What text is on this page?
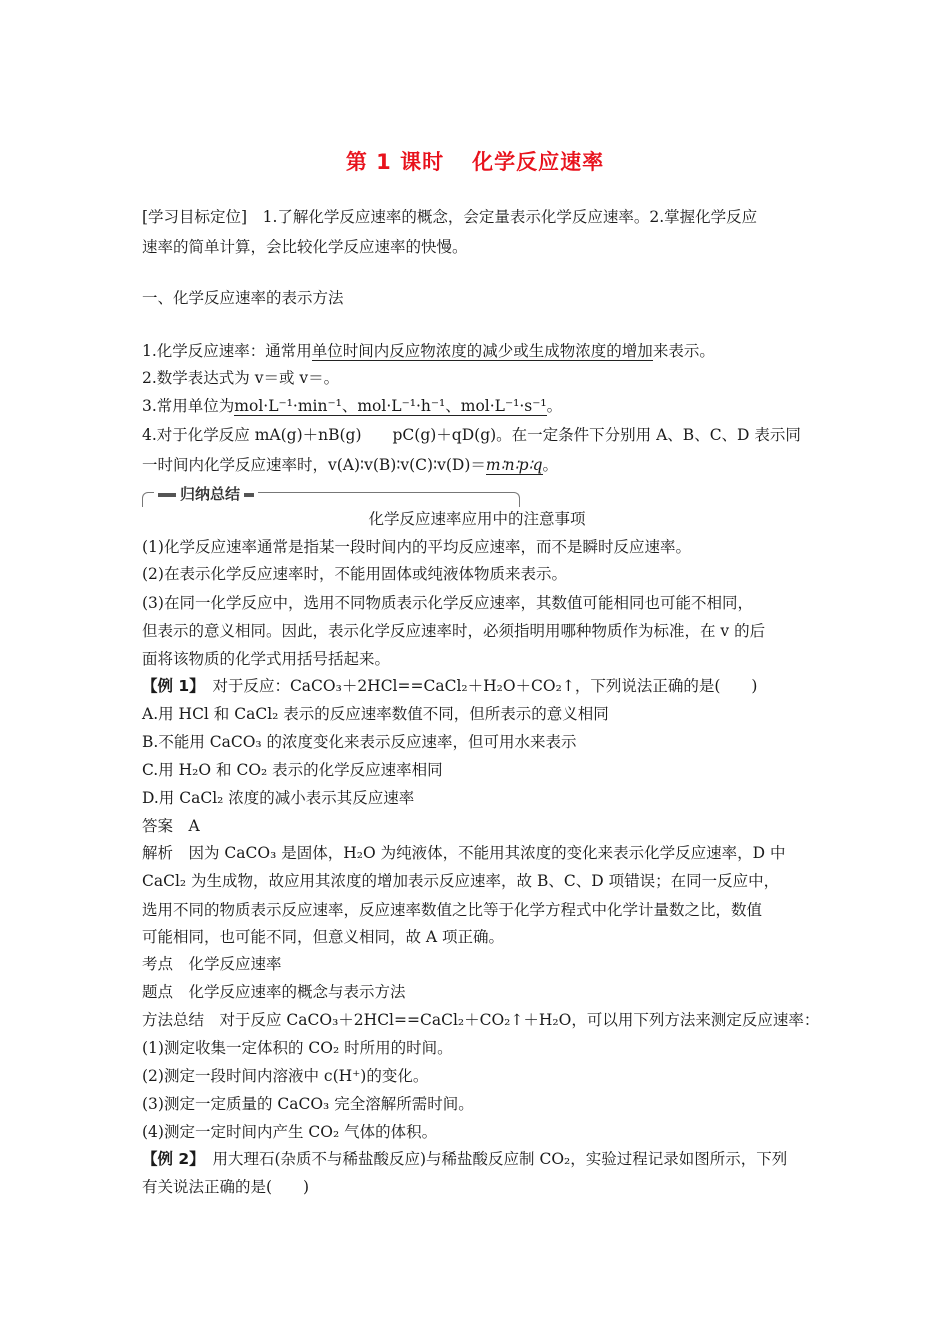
第 1 课时 化学反应速率
[学习目标定位]　1.了解化学反应速率的概念，会定量表示化学反应速率。2.掌握化学反应
速率的简单计算，会比较化学反应速率的快慢。
一、化学反应速率的表示方法
1.化学反应速率：通常用单位时间内反应物浓度的减少或生成物浓度的增加来表示。
2.数学表达式为 v＝或 v＝。
3.常用单位为mol·L⁻¹·min⁻¹、mol·L⁻¹·h⁻¹、mol·L⁻¹·s⁻¹。
4.对于化学反应 mA(g)＋nB(g)　　pC(g)＋qD(g)。在一定条件下分别用 A、B、C、D 表示同
一时间内化学反应速率时，v(A)∶v(B)∶v(C)∶v(D)＝m∶n∶p∶q。
归纳总结
化学反应速率应用中的注意事项
(1)化学反应速率通常是指某一段时间内的平均反应速率，而不是瞬时反应速率。
(2)在表示化学反应速率时，不能用固体或纯液体物质来表示。
(3)在同一化学反应中，选用不同物质表示化学反应速率，其数值可能相同也可能不相同，
但表示的意义相同。因此，表示化学反应速率时，必须指明用哪种物质作为标准，在 v 的后
面将该物质的化学式用括号括起来。
【例 1】　对于反应：CaCO₃＋2HCl==CaCl₂＋H₂O＋CO₂↑，下列说法正确的是(　　)
A.用 HCl 和 CaCl₂ 表示的反应速率数值不同，但所表示的意义相同
B.不能用 CaCO₃ 的浓度变化来表示反应速率，但可用水来表示
C.用 H₂O 和 CO₂ 表示的化学反应速率相同
D.用 CaCl₂ 浓度的减小表示其反应速率
答案　A
解析　因为 CaCO₃ 是固体，H₂O 为纯液体，不能用其浓度的变化来表示化学反应速率，D 中
CaCl₂ 为生成物，故应用其浓度的增加表示反应速率，故 B、C、D 项错误；在同一反应中，
选用不同的物质表示反应速率，反应速率数值之比等于化学方程式中化学计量数之比，数值
可能相同，也可能不同，但意义相同，故 A 项正确。
考点　化学反应速率
题点　化学反应速率的概念与表示方法
方法总结　对于反应 CaCO₃＋2HCl==CaCl₂＋CO₂↑＋H₂O，可以用下列方法来测定反应速率：
(1)测定收集一定体积的 CO₂ 时所用的时间。
(2)测定一段时间内溶液中 c(H⁺)的变化。
(3)测定一定质量的 CaCO₃ 完全溶解所需时间。
(4)测定一定时间内产生 CO₂ 气体的体积。
【例 2】　用大理石(杂质不与稀盐酸反应)与稀盐酸反应制 CO₂，实验过程记录如图所示，下列
有关说法正确的是(　　)
